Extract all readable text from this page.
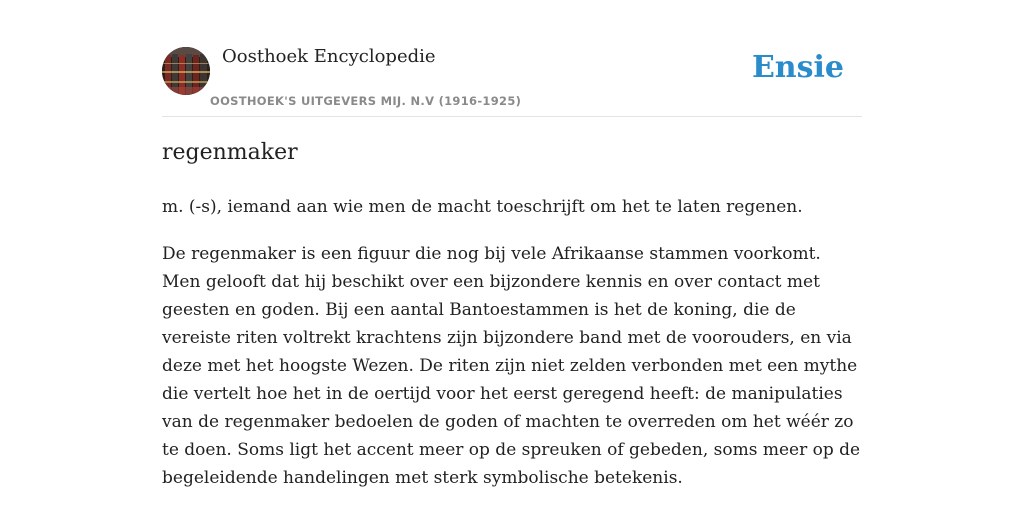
Oosthoek Encyclopedie
OOSTHOEK'S UITGEVERS MIJ. N.V (1916-1925)
Ensie
regenmaker

m. (-s), iemand aan wie men de macht toeschrijft om het te laten regenen.

De regenmaker is een figuur die nog bij vele Afrikaanse stammen voorkomt. Men gelooft dat hij beschikt over een bijzondere kennis en over contact met geesten en goden. Bij een aantal Bantoestammen is het de koning, die de vereiste riten voltrekt krachtens zijn bijzondere band met de voorouders, en via deze met het hoogste Wezen. De riten zijn niet zelden verbonden met een mythe die vertelt hoe het in de oertijd voor het eerst geregend heeft: de manipulaties van de regenmaker bedoelen de goden of machten te overreden om het wéér zo te doen. Soms ligt het accent meer op de spreuken of gebeden, soms meer op de begeleidende handelingen met sterk symbolische betekenis.
